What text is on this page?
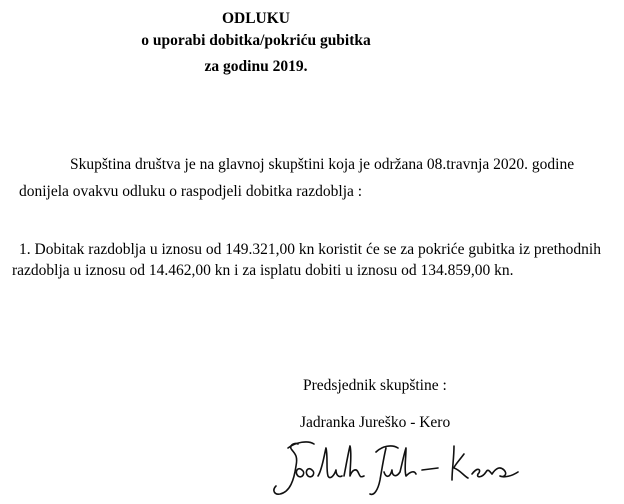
ODLUKU
o uporabi dobitka/pokriću gubitka
za godinu 2019.
Skupština društva je na glavnoj skupštini koja je održana 08.travnja 2020. godine
donijela ovakvu odluku o raspodjeli dobitka razdoblja :
1. Dobitak razdoblja u iznosu od 149.321,00 kn koristit će se za pokriće gubitka iz prethodnih
razdoblja u iznosu od 14.462,00 kn i za isplatu dobiti u iznosu od 134.859,00 kn.
Predsjednik skupštine :
Jadranka Jureško - Kero
